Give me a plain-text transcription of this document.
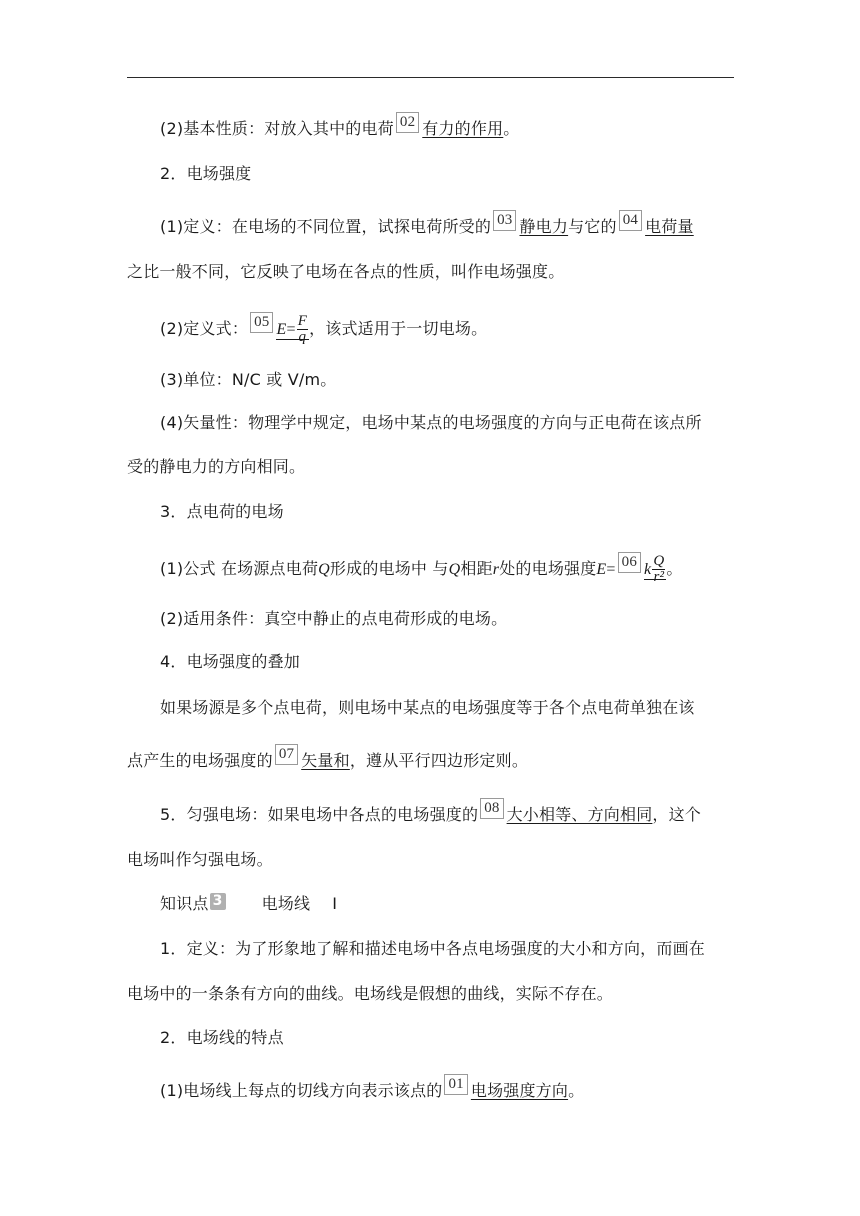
(2)基本性质：对放入其中的电荷 02 有力的作用。
2．电场强度
(1)定义：在电场的不同位置，试探电荷所受的 03 静电力与它的 04 电荷量
之比一般不同，它反映了电场在各点的性质，叫作电场强度。
(2)定义式： 05 $E= \frac{F}{q}$ ，该式适用于一切电场。
(3)单位：N/C 或 V/m。
(4)矢量性：物理学中规定，电场中某点的电场强度的方向与正电荷在该点所
受的静电力的方向相同。
3．点电荷的电场
(1)公式 在场源点电荷Q形成的电场中 与Q相距r处的电场强度E= 06 k $\frac{Q}{\text{r²}}$ 。
(2)适用条件：真空中静止的点电荷形成的电场。
4．电场强度的叠加
如果场源是多个点电荷，则电场中某点的电场强度等于各个点电荷单独在该
点产生的电场强度的 07 矢量和，遵从平行四边形定则。
5．匀强电场：如果电场中各点的电场强度的 08 大小相等、方向相同，这个
电场叫作匀强电场。
知识点 3 电场线 Ⅰ
1．定义：为了形象地了解和描述电场中各点电场强度的大小和方向，而画在
电场中的一条条有方向的曲线。电场线是假想的曲线，实际不存在。
2．电场线的特点
(1)电场线上每点的切线方向表示该点的 01 电场强度方向。
